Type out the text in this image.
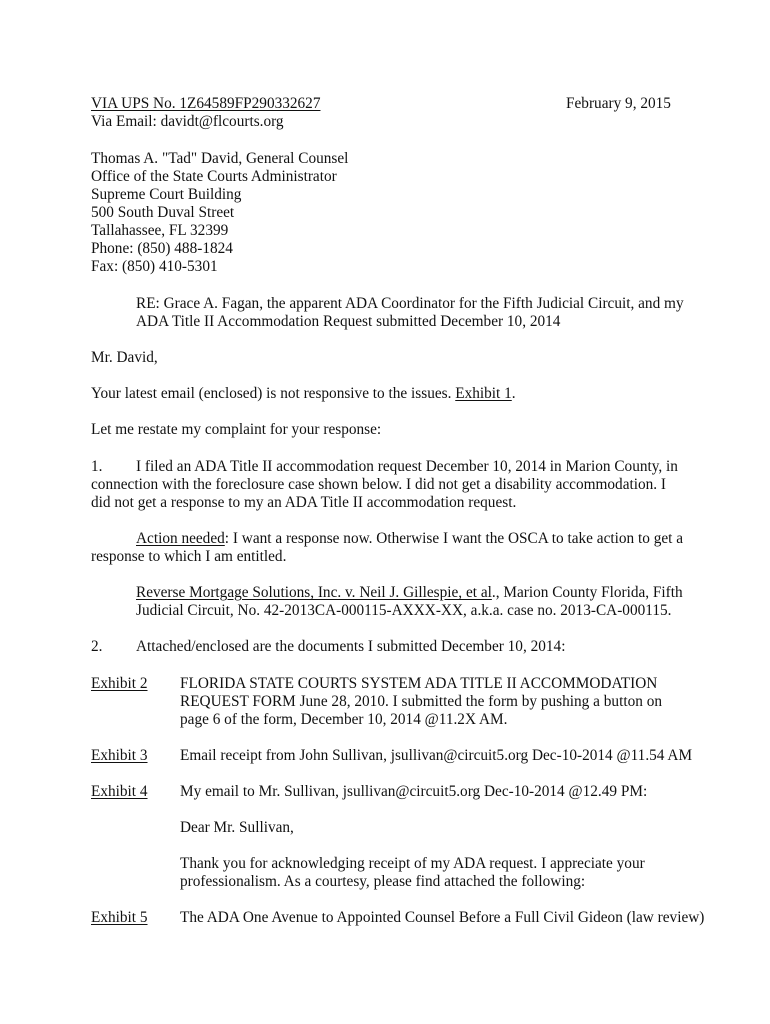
VIA UPS No. 1Z64589FP290332627	February 9, 2015
Via Email: davidt@flcourts.org
Thomas A. "Tad" David, General Counsel
Office of the State Courts Administrator
Supreme Court Building
500 South Duval Street
Tallahassee, FL 32399
Phone: (850) 488-1824
Fax: (850) 410-5301
RE: Grace A. Fagan, the apparent ADA Coordinator for the Fifth Judicial Circuit, and my
ADA Title II Accommodation Request submitted December 10, 2014
Mr. David,
Your latest email (enclosed) is not responsive to the issues. Exhibit 1.
Let me restate my complaint for your response:
1. I filed an ADA Title II accommodation request December 10, 2014 in Marion County, in
connection with the foreclosure case shown below. I did not get a disability accommodation. I
did not get a response to my an ADA Title II accommodation request.
Action needed: I want a response now. Otherwise I want the OSCA to take action to get a
response to which I am entitled.
Reverse Mortgage Solutions, Inc. v. Neil J. Gillespie, et al., Marion County Florida, Fifth
Judicial Circuit, No. 42-2013CA-000115-AXXX-XX, a.k.a. case no. 2013-CA-000115.
2. Attached/enclosed are the documents I submitted December 10, 2014:
Exhibit 2 FLORIDA STATE COURTS SYSTEM ADA TITLE II ACCOMMODATION
REQUEST FORM June 28, 2010. I submitted the form by pushing a button on
page 6 of the form, December 10, 2014 @11.2X AM.
Exhibit 3 Email receipt from John Sullivan, jsullivan@circuit5.org Dec-10-2014 @11.54 AM
Exhibit 4 My email to Mr. Sullivan, jsullivan@circuit5.org Dec-10-2014 @12.49 PM:
Dear Mr. Sullivan,
Thank you for acknowledging receipt of my ADA request. I appreciate your
professionalism. As a courtesy, please find attached the following:
Exhibit 5 The ADA One Avenue to Appointed Counsel Before a Full Civil Gideon (law review)
